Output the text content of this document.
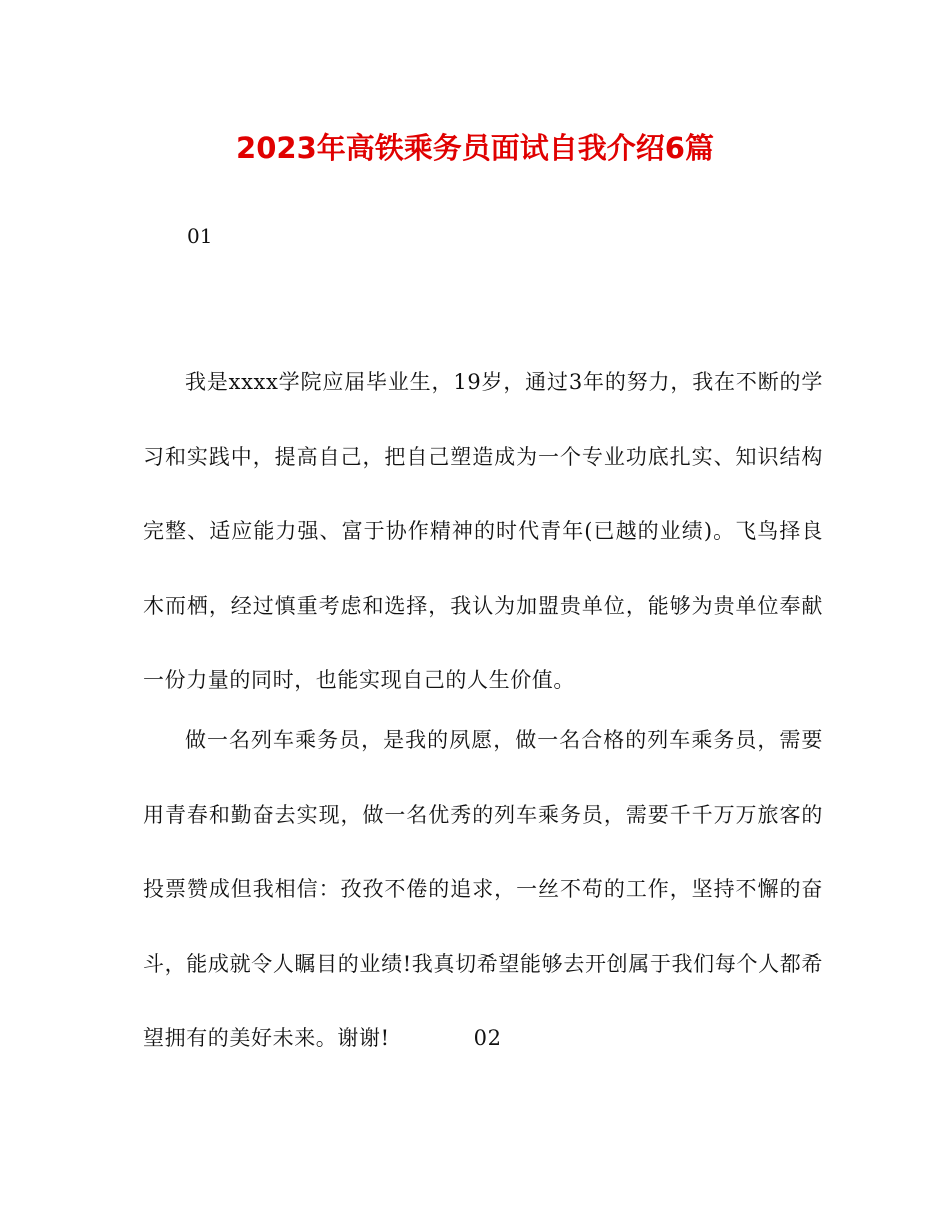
2023年高铁乘务员面试自我介绍6篇
01
我是xxxx学院应届毕业生，19岁，通过3年的努力，我在不断的学习和实践中，提高自己，把自己塑造成为一个专业功底扎实、知识结构完整、适应能力强、富于协作精神的时代青年(已越的业绩)。飞鸟择良木而栖，经过慎重考虑和选择，我认为加盟贵单位，能够为贵单位奉献一份力量的同时，也能实现自己的人生价值。
做一名列车乘务员，是我的夙愿，做一名合格的列车乘务员，需要用青春和勤奋去实现，做一名优秀的列车乘务员，需要千千万万旅客的投票赞成但我相信：孜孜不倦的追求，一丝不苟的工作，坚持不懈的奋斗，能成就令人瞩目的业绩!我真切希望能够去开创属于我们每个人都希望拥有的美好未来。谢谢!	02
